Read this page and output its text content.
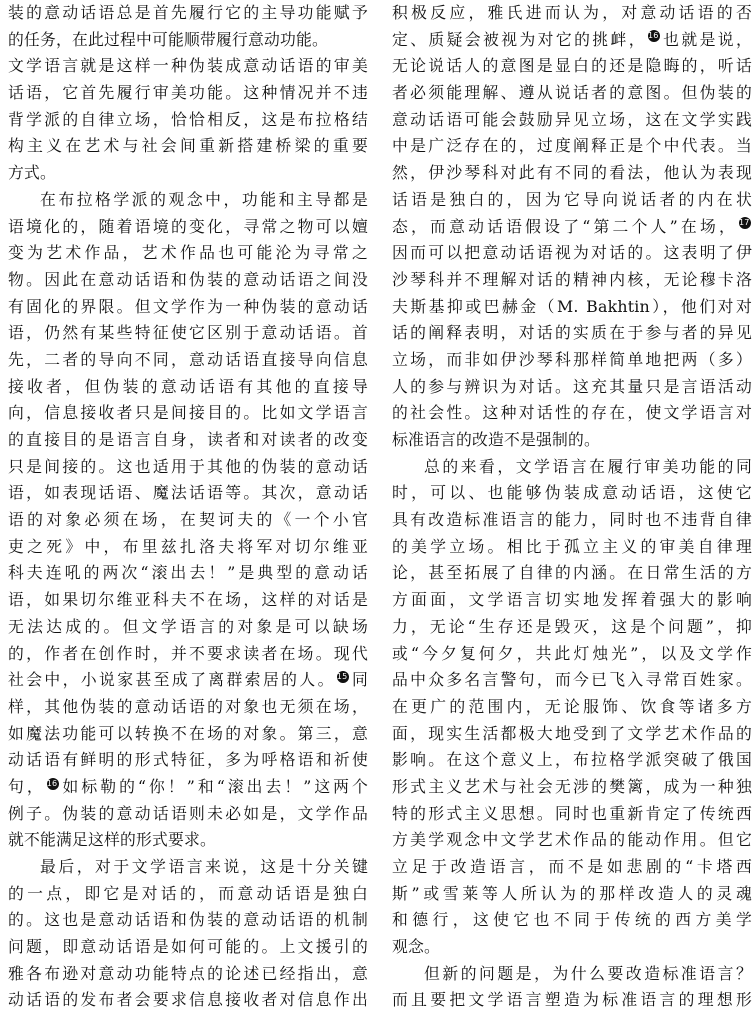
装的意动话语总是首先履行它的主导功能赋予
的任务，在此过程中可能顺带履行意动功能。
文学语言就是这样一种伪装成意动话语的审美
话语，它首先履行审美功能。这种情况并不违
背学派的自律立场，恰恰相反，这是布拉格结
构主义在艺术与社会间重新搭建桥梁的重要
方式。
在布拉格学派的观念中，功能和主导都是
语境化的，随着语境的变化，寻常之物可以嬗
变为艺术作品，艺术作品也可能沦为寻常之
物。因此在意动话语和伪装的意动话语之间没
有固化的界限。但文学作为一种伪装的意动话
语，仍然有某些特征使它区别于意动话语。首
先，二者的导向不同，意动话语直接导向信息
接收者，但伪装的意动话语有其他的直接导
向，信息接收者只是间接目的。比如文学语言
的直接目的是语言自身，读者和对读者的改变
只是间接的。这也适用于其他的伪装的意动话
语，如表现话语、魔法话语等。其次，意动话
语的对象必须在场，在契诃夫的《一个小官
吏之死》中，布里兹扎洛夫将军对切尔维亚
科夫连吼的两次“滚出去！”是典型的意动话
语，如果切尔维亚科夫不在场，这样的对话是
无法达成的。但文学语言的对象是可以缺场
的，作者在创作时，并不要求读者在场。现代
社会中，小说家甚至成了离群索居的人。15 同
样，其他伪装的意动话语的对象也无须在场，
如魔法功能可以转换不在场的对象。第三，意
动话语有鲜明的形式特征，多为呼格语和祈使
句，16 如标勒的“你！”和“滚出去！”这两个
例子。伪装的意动话语则未必如是，文学作品
就不能满足这样的形式要求。
最后，对于文学语言来说，这是十分关键
的一点，即它是对话的，而意动话语是独白
的。这也是意动话语和伪装的意动话语的机制
问题，即意动话语是如何可能的。上文援引的
雅各布逊对意动功能特点的论述已经指出，意
动话语的发布者会要求信息接收者对信息作出
积极反应，雅氏进而认为，对意动话语的否
定、质疑会被视为对它的挑衅，16 也就是说，
无论说话人的意图是显白的还是隐晦的，听话
者必须能理解、遵从说话者的意图。但伪装的
意动话语可能会鼓励异见立场，这在文学实践
中是广泛存在的，过度阐释正是个中代表。当
然，伊沙琴科对此有不同的看法，他认为表现
话语是独白的，因为它导向说话者的内在状
态，而意动话语假设了“第二个人”在场，17
因而可以把意动话语视为对话的。这表明了伊
沙琴科并不理解对话的精神内核，无论穆卡洛
夫斯基抑或巴赫金（M. Bakhtin），他们对对
话的阐释表明，对话的实质在于参与者的异见
立场，而非如伊沙琴科那样简单地把两（多）
人的参与辨识为对话。这充其量只是言语活动
的社会性。这种对话性的存在，使文学语言对
标准语言的改造不是强制的。
总的来看，文学语言在履行审美功能的同
时，可以、也能够伪装成意动话语，这使它
具有改造标准语言的能力，同时也不违背自律
的美学立场。相比于孤立主义的审美自律理
论，甚至拓展了自律的内涵。在日常生活的方
方面面，文学语言切实地发挥着强大的影响
力，无论“生存还是毁灭，这是个问题”，抑
或“今夕复何夕，共此灯烛光”，以及文学作
品中众多名言警句，而今已飞入寻常百姓家。
在更广的范围内，无论服饰、饮食等诸多方
面，现实生活都极大地受到了文学艺术作品的
影响。在这个意义上，布拉格学派突破了俄国
形式主义艺术与社会无涉的樊篱，成为一种独
特的形式主义思想。同时也重新肯定了传统西
方美学观念中文学艺术作品的能动作用。但它
立足于改造语言，而不是如悲剧的“卡塔西
斯”或雪莱等人所认为的那样改造人的灵魂
和德行，这使它也不同于传统的西方美学
观念。
但新的问题是，为什么要改造标准语言？
而且要把文学语言塑造为标准语言的理想形
